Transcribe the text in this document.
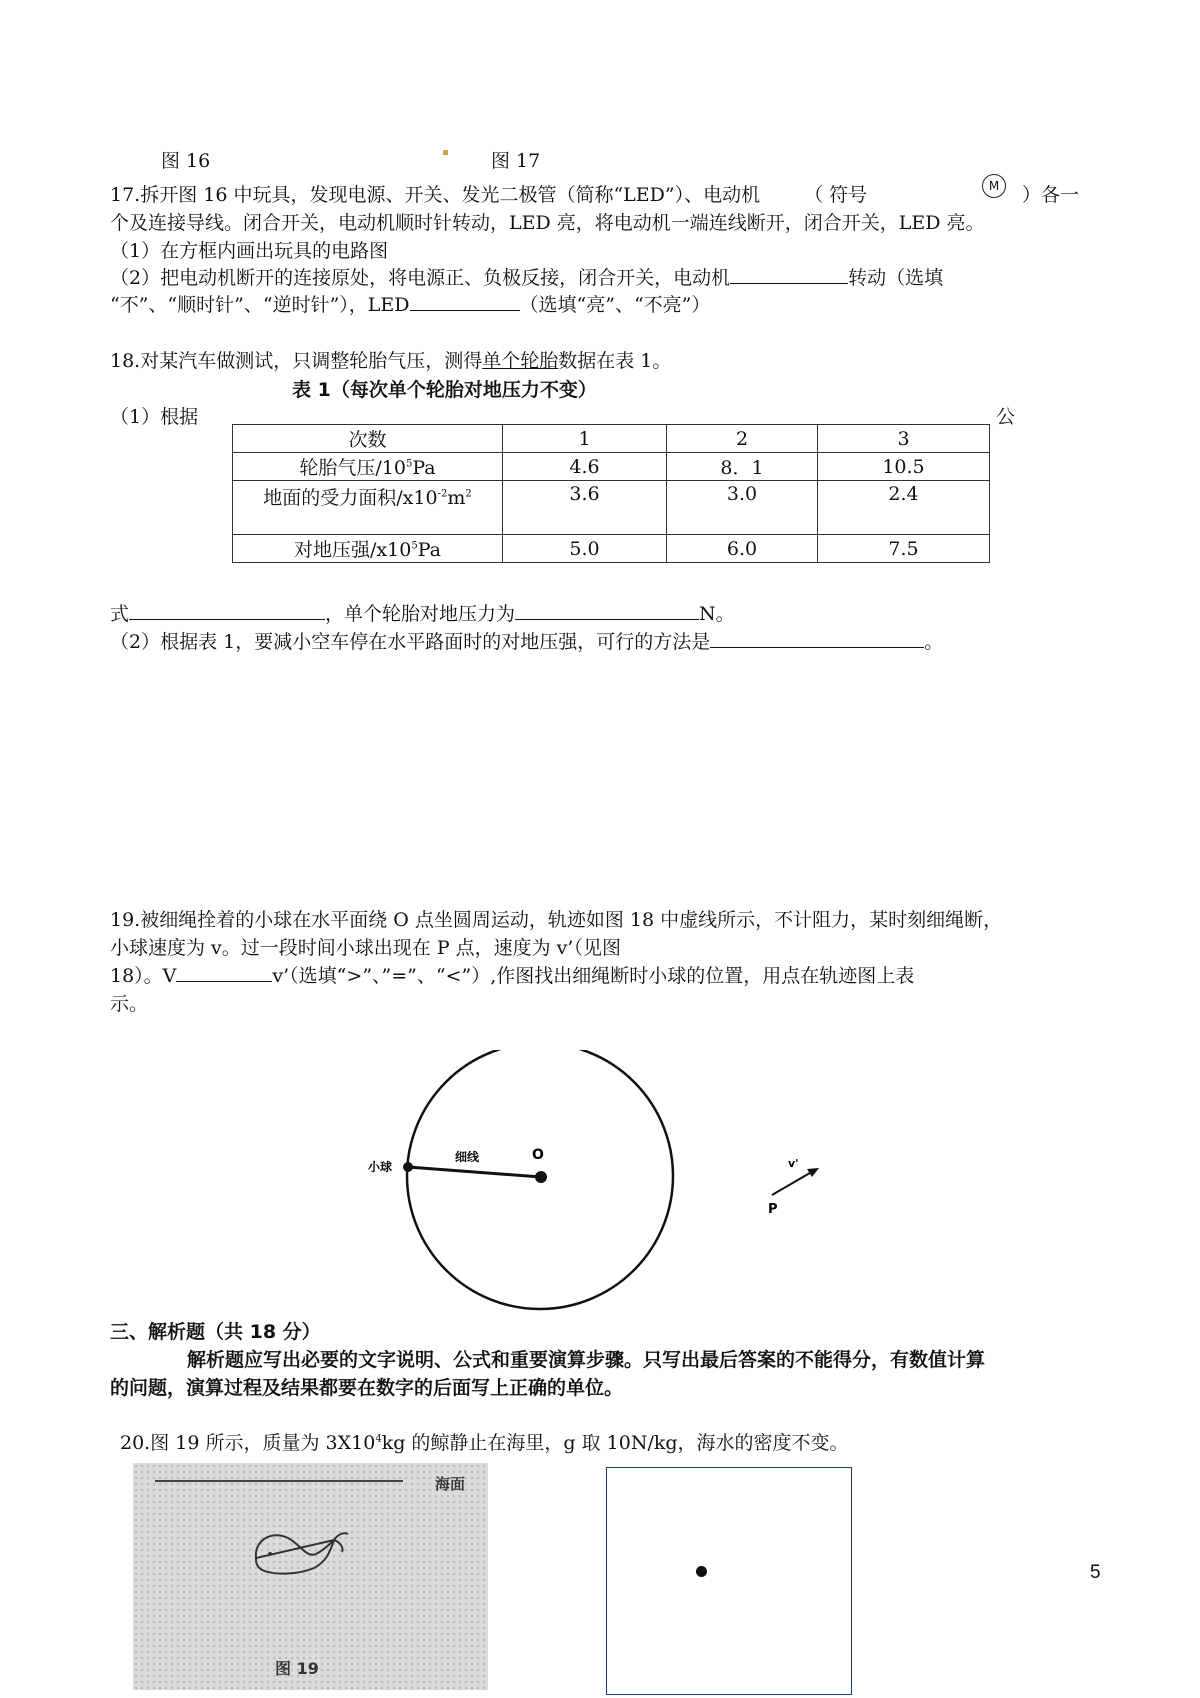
图 16	图 17
17.拆开图 16 中玩具，发现电源、开关、发光二极管（简称“LED”）、电动机 （ 符号	M	）各一
个及连接导线。闭合开关，电动机顺时针转动，LED 亮，将电动机一端连线断开，闭合开关，LED 亮。
（1）在方框内画出玩具的电路图
（2）把电动机断开的连接原处，将电源正、负极反接，闭合开关，电动机	转动（选填
“不”、“顺时针”、“逆时针”），LED	（选填“亮”、“不亮”）
18.对某汽车做测试，只调整轮胎气压，测得单个轮胎数据在表 1。
表 1（每次单个轮胎对地压力不变）
（1）根据	公
次数	1	2	3
轮胎气压$/10^5Pa$	4.6	8．1	10.5
地面的受力面积$/x10^{-2}m^2$	3.6	3.0	2.4
对地压强$/x10^5Pa$	5.0	6.0	7.5
式	，单个轮胎对地压力为	N。
（2）根据表 1，要减小空车停在水平路面时的对地压强，可行的方法是	。
19.被细绳拴着的小球在水平面绕 O 点坐圆周运动，轨迹如图 18 中虚线所示，不计阻力，某时刻细绳断，
小球速度为 v。过一段时间小球出现在 P 点，速度为 v’（见图
18）。V	v’（选填“>”、”=”、“<”）,作图找出细绳断时小球的位置，用点在轨迹图上表
示。
小球
细线	O
P
v'
三、解析题（共 18 分）
解析题应写出必要的文字说明、公式和重要演算步骤。只写出最后答案的不能得分，有数值计算
的问题，演算过程及结果都要在数字的后面写上正确的单位。
20.图 19 所示，质量为 $3X10^4kg$ 的鲸静止在海里，g 取 10N/kg，海水的密度不变。
海面
图 19
5
